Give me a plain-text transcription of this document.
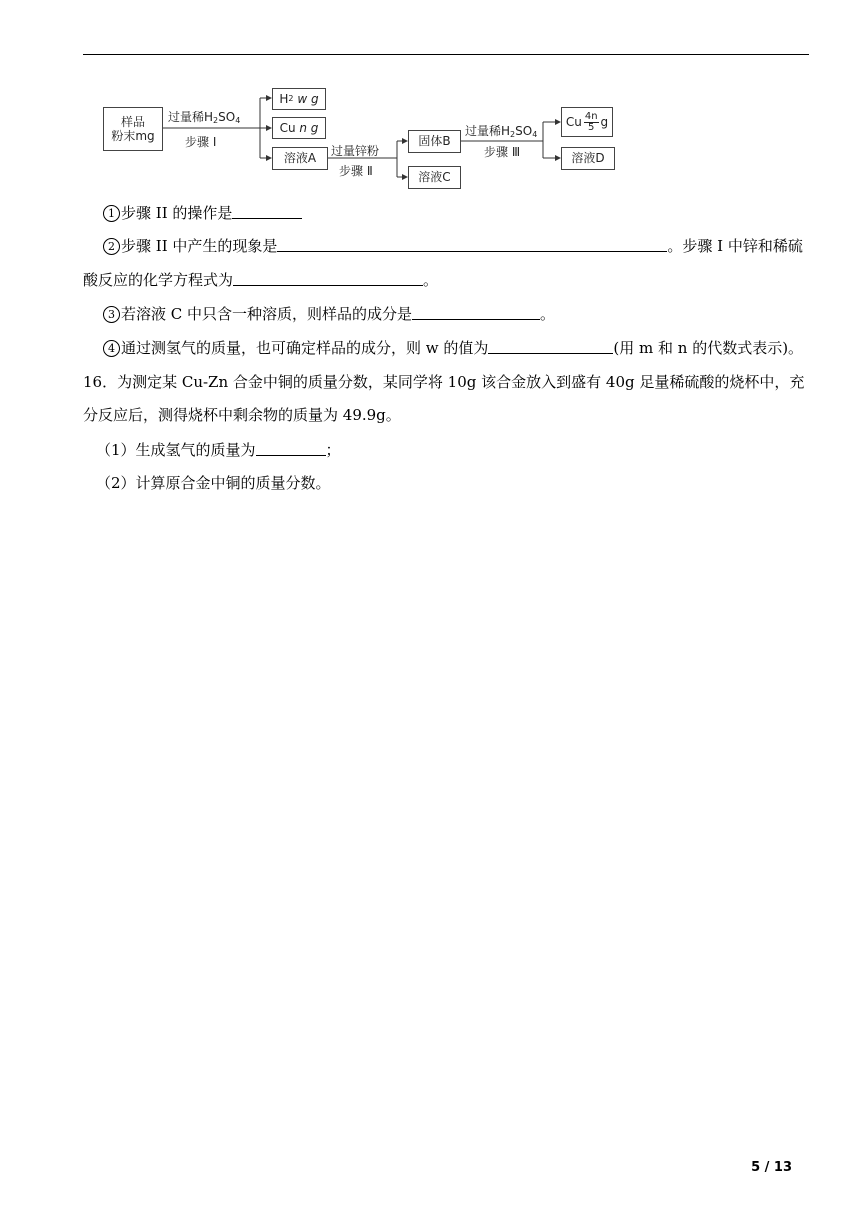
样品
粉末mg
过量稀$H_2SO_4$
步骤 Ⅰ
H 2
w g
Cu
n g
溶液A
过量锌粉
步骤 Ⅱ
固体B
溶液C
过量稀$H_2SO_4$
步骤 Ⅲ
Cu $\frac{4n}{5}$ g
溶液D
1 步骤 II 的操作是
2 步骤 II 中产生的现象是	。步骤 I 中锌和稀硫
酸反应的化学方程式为	。
3 若溶液 C 中只含一种溶质，则样品的成分是	。
4 通过测氢气的质量，也可确定样品的成分，则 w 的值为	(用 m 和 n 的代数式表示)。
16．为测定某 Cu-Zn 合金中铜的质量分数，某同学将 10g 该合金放入到盛有 40g 足量稀硫酸的烧杯中，充
分反应后，测得烧杯中剩余物的质量为 49.9g。
（1）生成氢气的质量为	；
（2）计算原合金中铜的质量分数。
5 / 13
